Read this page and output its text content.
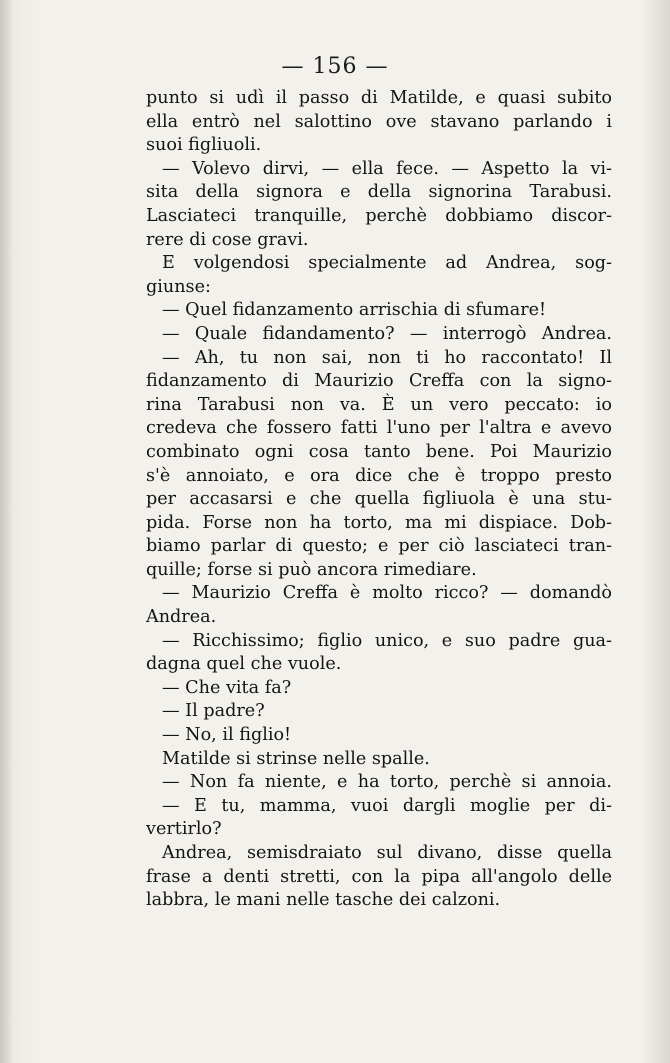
— 156 —
punto si udì il passo di Matilde, e quasi subito
ella entrò nel salottino ove stavano parlando i
suoi figliuoli.
— Volevo dirvi, — ella fece. — Aspetto la vi-
sita della signora e della signorina Tarabusi.
Lasciateci tranquille, perchè dobbiamo discor-
rere di cose gravi.
E volgendosi specialmente ad Andrea, sog-
giunse:
— Quel fidanzamento arrischia di sfumare!
— Quale fidandamento? — interrogò Andrea.
— Ah, tu non sai, non ti ho raccontato! Il
fidanzamento di Maurizio Creffa con la signo-
rina Tarabusi non va. È un vero peccato: io
credeva che fossero fatti l'uno per l'altra e avevo
combinato ogni cosa tanto bene. Poi Maurizio
s'è annoiato, e ora dice che è troppo presto
per accasarsi e che quella figliuola è una stu-
pida. Forse non ha torto, ma mi dispiace. Dob-
biamo parlar di questo; e per ciò lasciateci tran-
quille; forse si può ancora rimediare.
— Maurizio Creffa è molto ricco? — domandò
Andrea.
— Ricchissimo; figlio unico, e suo padre gua-
dagna quel che vuole.
— Che vita fa?
— Il padre?
— No, il figlio!
Matilde si strinse nelle spalle.
— Non fa niente, e ha torto, perchè si annoia.
— E tu, mamma, vuoi dargli moglie per di-
vertirlo?
Andrea, semisdraiato sul divano, disse quella
frase a denti stretti, con la pipa all'angolo delle
labbra, le mani nelle tasche dei calzoni.
